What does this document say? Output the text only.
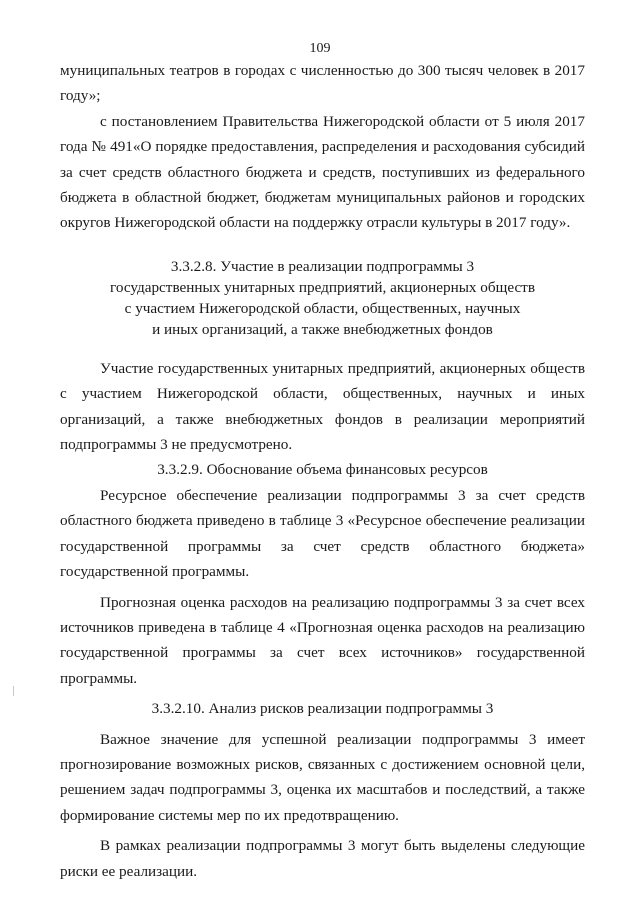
109

муниципальных театров в городах с численностью до 300 тысяч человек в 2017 году»;

с постановлением Правительства Нижегородской области от 5 июля 2017 года № 491«О порядке предоставления, распределения и расходования субсидий за счет средств областного бюджета и средств, поступивших из федерального бюджета в областной бюджет, бюджетам муниципальных районов и городских округов Нижегородской области на поддержку отрасли культуры в 2017 году».

3.3.2.8. Участие в реализации подпрограммы 3
государственных унитарных предприятий, акционерных обществ
с участием Нижегородской области, общественных, научных
и иных организаций, а также внебюджетных фондов

Участие государственных унитарных предприятий, акционерных обществ с участием Нижегородской области, общественных, научных и иных организаций, а также внебюджетных фондов в реализации мероприятий подпрограммы 3 не предусмотрено.

3.3.2.9. Обоснование объема финансовых ресурсов

Ресурсное обеспечение реализации подпрограммы 3 за счет средств областного бюджета приведено в таблице 3 «Ресурсное обеспечение реализации государственной программы за счет средств областного бюджета» государственной программы.

Прогнозная оценка расходов на реализацию подпрограммы 3 за счет всех источников приведена в таблице 4 «Прогнозная оценка расходов на реализацию государственной программы за счет всех источников» государственной программы.

3.3.2.10. Анализ рисков реализации подпрограммы 3

Важное значение для успешной реализации подпрограммы 3 имеет прогнозирование возможных рисков, связанных с достижением основной цели, решением задач подпрограммы 3, оценка их масштабов и последствий, а также формирование системы мер по их предотвращению.

В рамках реализации подпрограммы 3 могут быть выделены следующие риски ее реализации.
